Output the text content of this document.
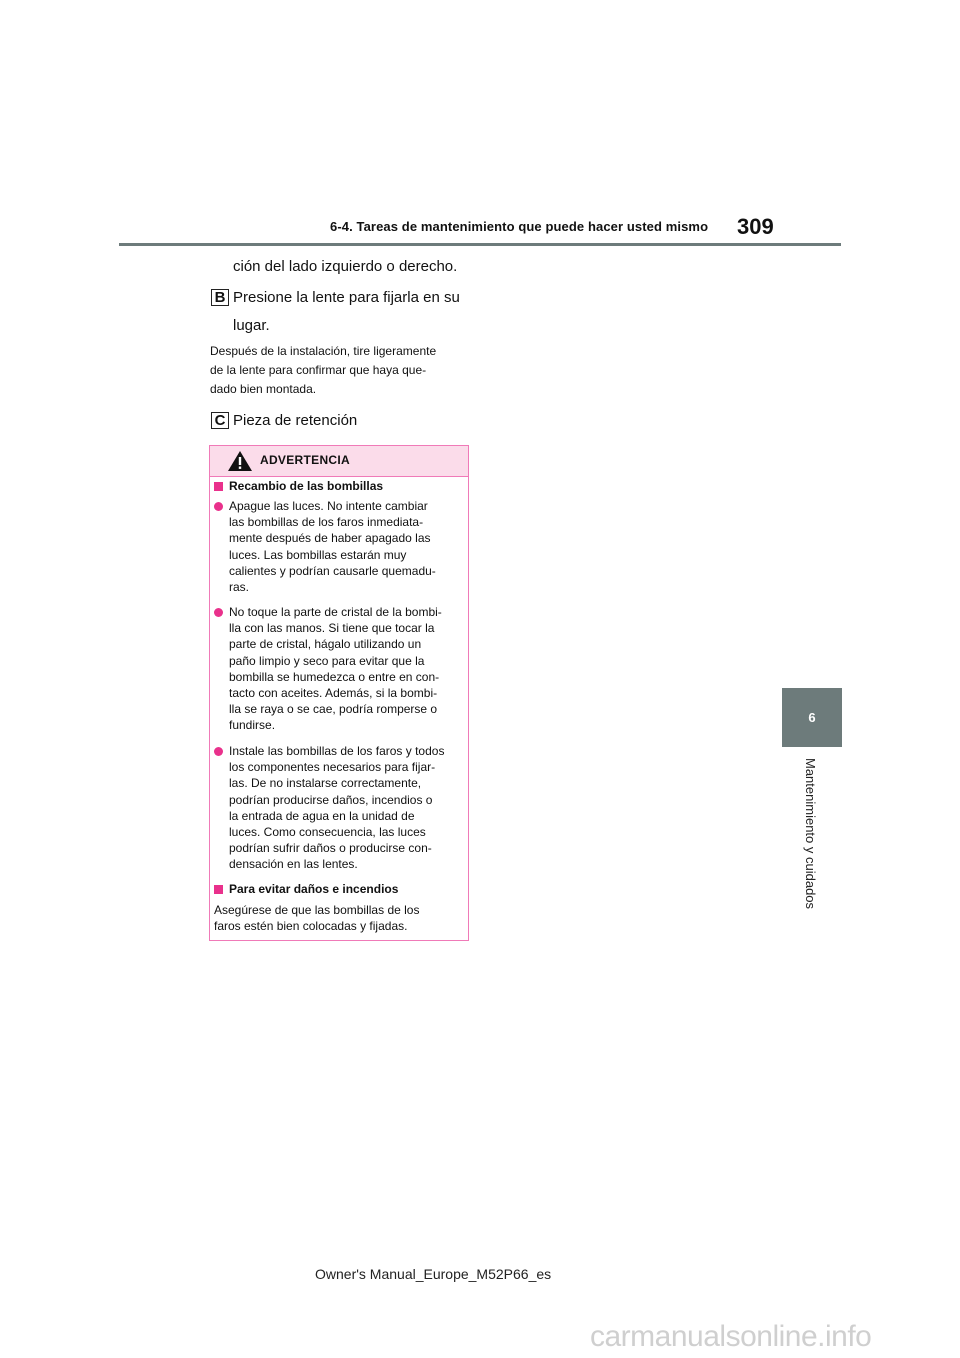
6-4. Tareas de mantenimiento que puede hacer usted mismo 309
6
Mantenimiento y cuidados
ción del lado izquierdo o derecho.
B Presione la lente para fijarla en su
lugar.
Después de la instalación, tire ligeramente
de la lente para confirmar que haya que-
dado bien montada.
C Pieza de retención
ADVERTENCIA
Recambio de las bombillas
Apague las luces. No intente cambiar
las bombillas de los faros inmediata-
mente después de haber apagado las
luces. Las bombillas estarán muy
calientes y podrían causarle quemadu-
ras.
No toque la parte de cristal de la bombi-
lla con las manos. Si tiene que tocar la
parte de cristal, hágalo utilizando un
paño limpio y seco para evitar que la
bombilla se humedezca o entre en con-
tacto con aceites. Además, si la bombi-
lla se raya o se cae, podría romperse o
fundirse.
Instale las bombillas de los faros y todos
los componentes necesarios para fijar-
las. De no instalarse correctamente,
podrían producirse daños, incendios o
la entrada de agua en la unidad de
luces. Como consecuencia, las luces
podrían sufrir daños o producirse con-
densación en las lentes.
Para evitar daños e incendios
Asegúrese de que las bombillas de los
faros estén bien colocadas y fijadas.
Owner's Manual_Europe_M52P66_es
carmanualsonline.info
